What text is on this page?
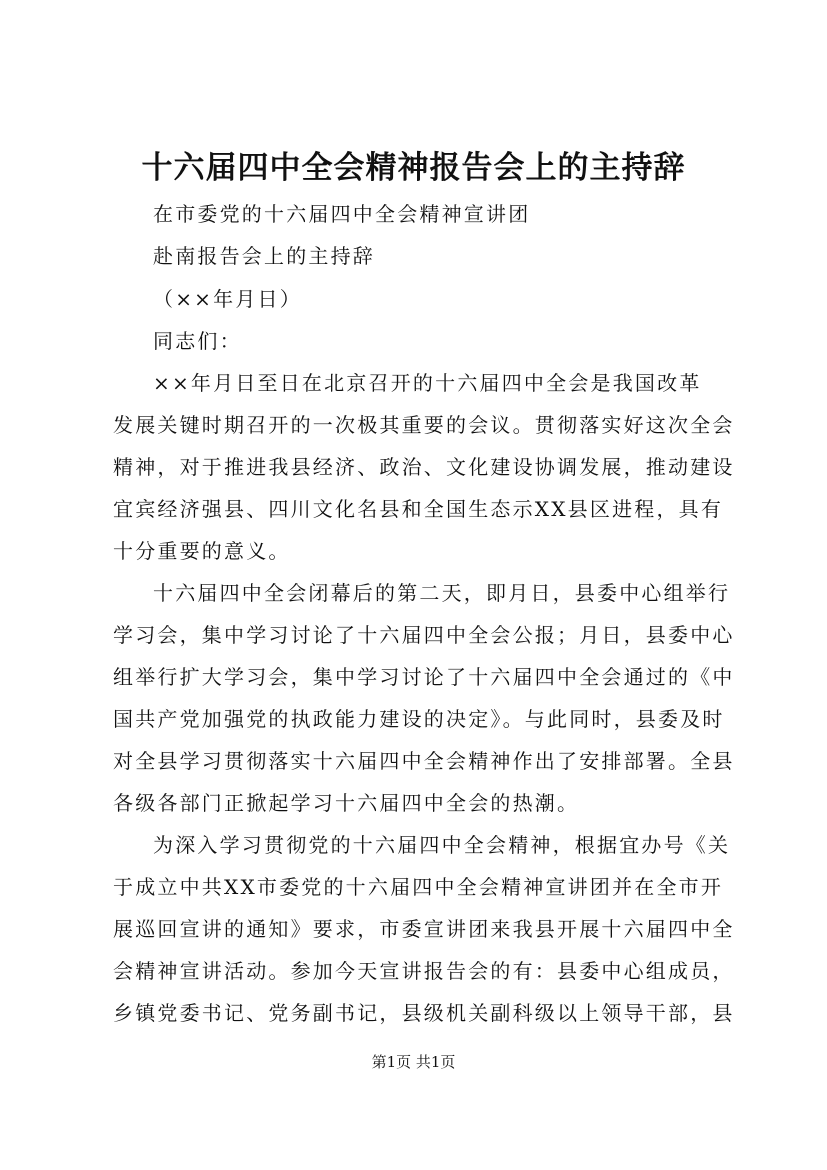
十六届四中全会精神报告会上的主持辞
在市委党的十六届四中全会精神宣讲团
赴南报告会上的主持辞
（××年月日）
同志们：
××年月日至日在北京召开的十六届四中全会是我国改革
发展关键时期召开的一次极其重要的会议。贯彻落实好这次全会
精神，对于推进我县经济、政治、文化建设协调发展，推动建设
宜宾经济强县、四川文化名县和全国生态示XX县区进程，具有
十分重要的意义。
十六届四中全会闭幕后的第二天，即月日，县委中心组举行
学习会，集中学习讨论了十六届四中全会公报；月日，县委中心
组举行扩大学习会，集中学习讨论了十六届四中全会通过的《中
国共产党加强党的执政能力建设的决定》。与此同时，县委及时
对全县学习贯彻落实十六届四中全会精神作出了安排部署。全县
各级各部门正掀起学习十六届四中全会的热潮。
为深入学习贯彻党的十六届四中全会精神，根据宜办号《关
于成立中共XX市委党的十六届四中全会精神宣讲团并在全市开
展巡回宣讲的通知》要求，市委宣讲团来我县开展十六届四中全
会精神宣讲活动。参加今天宣讲报告会的有：县委中心组成员，
乡镇党委书记、党务副书记，县级机关副科级以上领导干部，县
第1页 共1页
